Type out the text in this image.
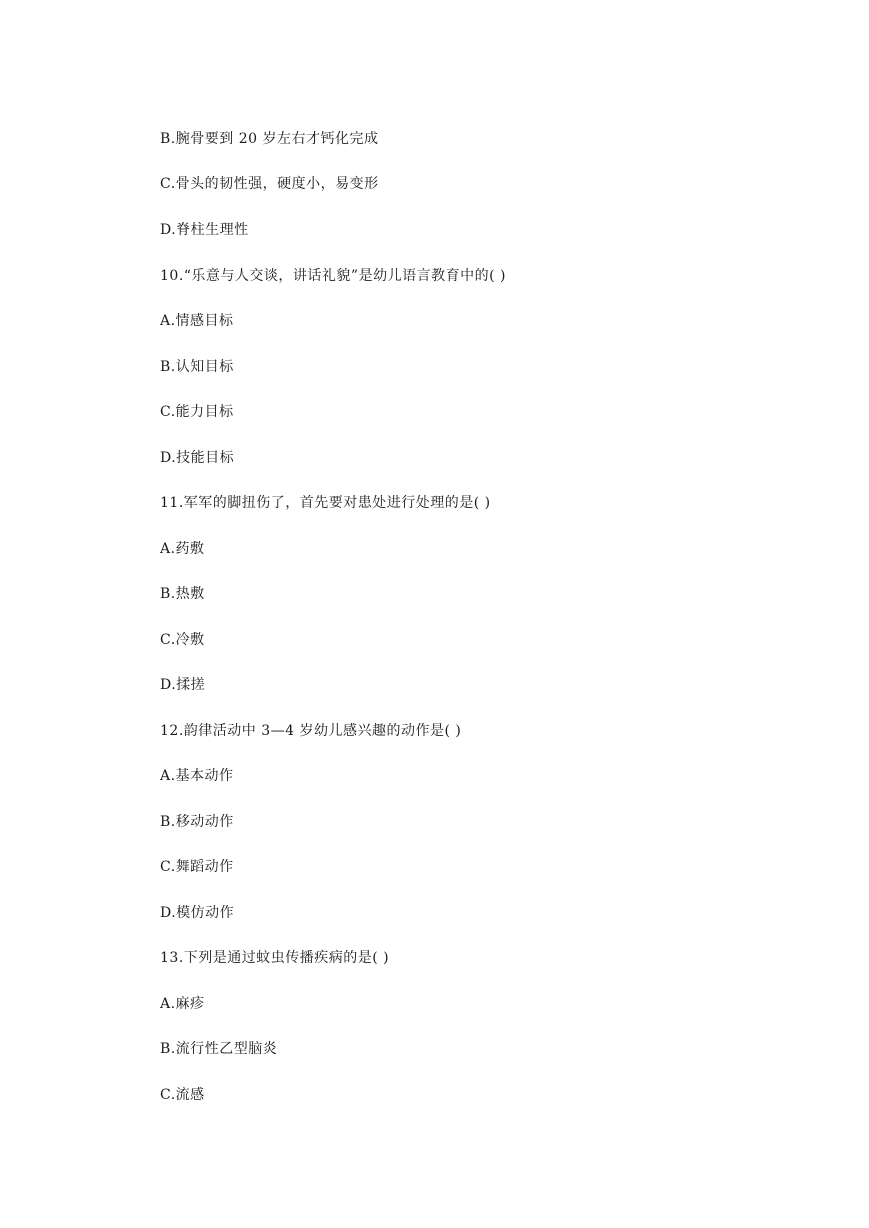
B.腕骨要到 20 岁左右才钙化完成
C.骨头的韧性强，硬度小，易变形
D.脊柱生理性
10.“乐意与人交谈，讲话礼貌”是幼儿语言教育中的( )
A.情感目标
B.认知目标
C.能力目标
D.技能目标
11.军军的脚扭伤了，首先要对患处进行处理的是( )
A.药敷
B.热敷
C.冷敷
D.揉搓
12.韵律活动中 3—4 岁幼儿感兴趣的动作是( )
A.基本动作
B.移动动作
C.舞蹈动作
D.模仿动作
13.下列是通过蚊虫传播疾病的是( )
A.麻疹
B.流行性乙型脑炎
C.流感
